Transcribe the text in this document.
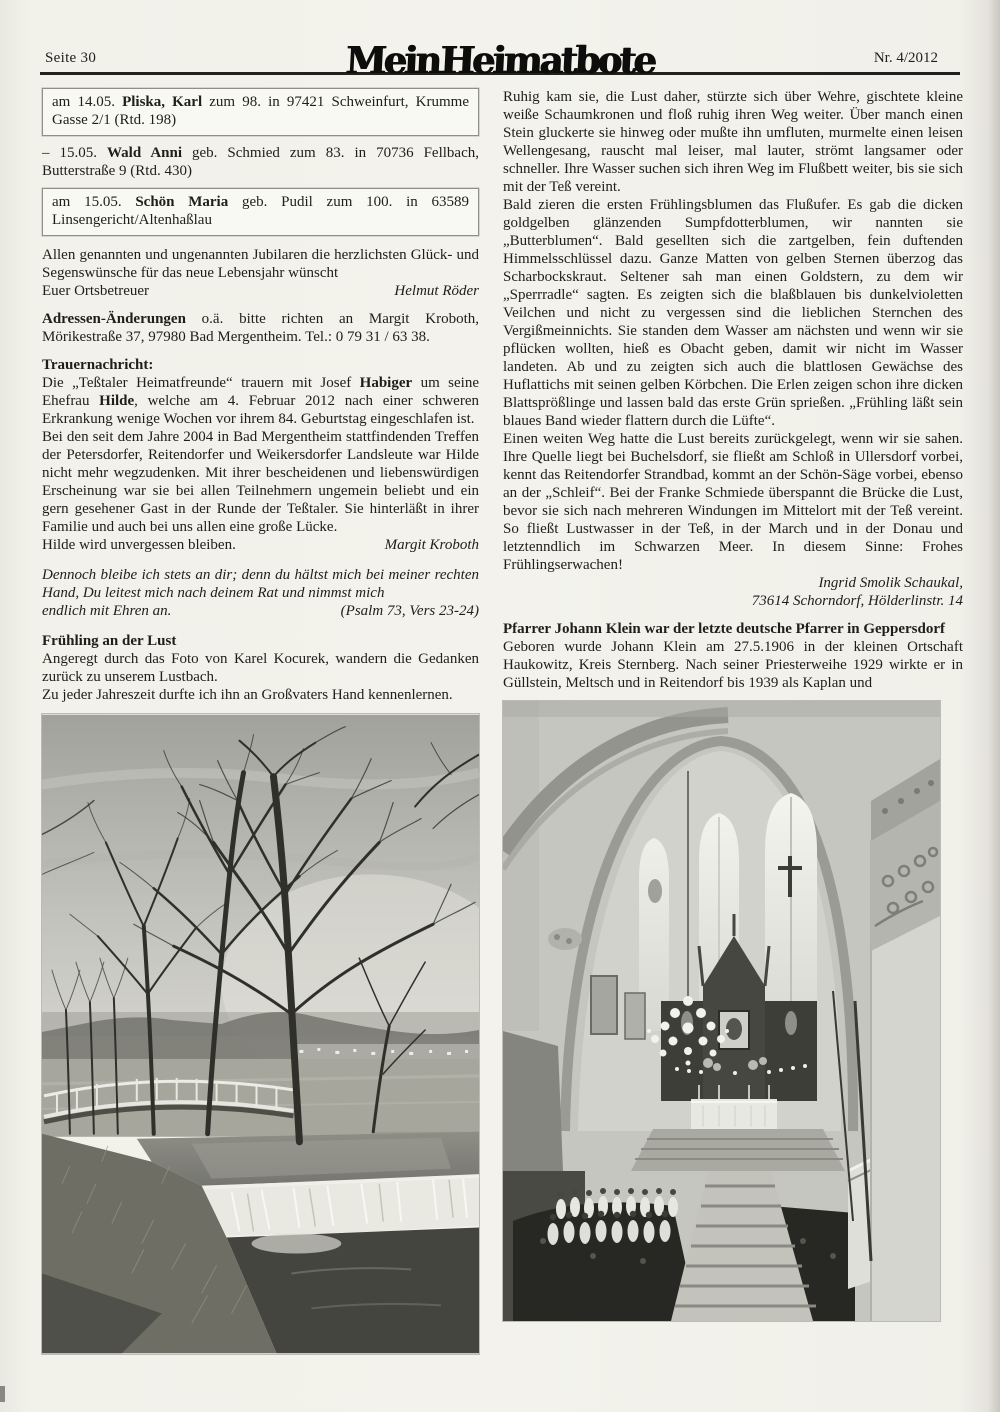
Seite 30	Mein Heimatbote	Nr. 4/2012

am 14.05. Pliska, Karl zum 98. in 97421 Schweinfurt, Krumme Gasse 2/1 (Rtd. 198)

– 15.05. Wald Anni geb. Schmied zum 83. in 70736 Fellbach, Butterstraße 9 (Rtd. 430)

am 15.05. Schön Maria geb. Pudil zum 100. in 63589 Linsengericht/Altenhaßlau

Allen genannten und ungenannten Jubilaren die herzlichsten Glück- und Segenswünsche für das neue Lebensjahr wünscht

Euer Ortsbetreuer	Helmut Röder

Adressen-Änderungen o.ä. bitte richten an Margit Kroboth, Mörikestraße 37, 97980 Bad Mergentheim. Tel.: 0 79 31 / 63 38.

Trauernachricht:

Die „Teßtaler Heimatfreunde“ trauern mit Josef Habiger um seine Ehefrau Hilde, welche am 4. Februar 2012 nach einer schweren Erkrankung wenige Wochen vor ihrem 84. Geburtstag eingeschlafen ist.

Bei den seit dem Jahre 2004 in Bad Mergentheim stattfindenden Treffen der Petersdorfer, Reitendorfer und Weikersdorfer Landsleute war Hilde nicht mehr wegzudenken. Mit ihrer bescheidenen und liebenswürdigen Erscheinung war sie bei allen Teilnehmern ungemein beliebt und ein gern gesehener Gast in der Runde der Teßtaler. Sie hinterläßt in ihrer Familie und auch bei uns allen eine große Lücke.

Hilde wird unvergessen bleiben.	Margit Kroboth

Dennoch bleibe ich stets an dir; denn du hältst mich bei meiner rechten Hand, Du leitest mich nach deinem Rat und nimmst mich

endlich mit Ehren an.	(Psalm 73, Vers 23-24)
Frühling an der Lust

Angeregt durch das Foto von Karel Kocurek, wandern die Gedanken zurück zu unserem Lustbach.

Zu jeder Jahreszeit durfte ich ihn an Großvaters Hand kennenlernen.

Ruhig kam sie, die Lust daher, stürzte sich über Wehre, gischtete kleine weiße Schaumkronen und floß ruhig ihren Weg weiter. Über manch einen Stein gluckerte sie hinweg oder mußte ihn umfluten, murmelte einen leisen Wellengesang, rauscht mal leiser, mal lauter, strömt langsamer oder schneller. Ihre Wasser suchen sich ihren Weg im Flußbett weiter, bis sie sich mit der Teß vereint.

Bald zieren die ersten Frühlingsblumen das Flußufer. Es gab die dicken goldgelben glänzenden Sumpfdotterblumen, wir nannten sie „Butterblumen“. Bald gesellten sich die zartgelben, fein duftenden Himmelsschlüssel dazu. Ganze Matten von gelben Sternen überzog das Scharbockskraut. Seltener sah man einen Goldstern, zu dem wir „Sperrradle“ sagten. Es zeigten sich die blaßblauen bis dunkelvioletten Veilchen und nicht zu vergessen sind die lieblichen Sternchen des Vergißmeinnichts. Sie standen dem Wasser am nächsten und wenn wir sie pflücken wollten, hieß es Obacht geben, damit wir nicht im Wasser landeten. Ab und zu zeigten sich auch die blattlosen Gewächse des Huflattichs mit seinen gelben Körbchen. Die Erlen zeigen schon ihre dicken Blattsprößlinge und lassen bald das erste Grün sprießen. „Frühling läßt sein blaues Band wieder flattern durch die Lüfte“.

Einen weiten Weg hatte die Lust bereits zurückgelegt, wenn wir sie sahen. Ihre Quelle liegt bei Buchelsdorf, sie fließt am Schloß in Ullersdorf vorbei, kennt das Reitendorfer Strandbad, kommt an der Schön-Säge vorbei, ebenso an der „Schleif“. Bei der Franke Schmiede überspannt die Brücke die Lust, bevor sie sich nach mehreren Windungen im Mittelort mit der Teß vereint. So fließt Lustwasser in der Teß, in der March und in der Donau und letztenndlich im Schwarzen Meer. In diesem Sinne: Frohes Frühlingserwachen!

Ingrid Smolik Schaukal,
73614 Schorndorf, Hölderlinstr. 14
Pfarrer Johann Klein war der letzte deutsche Pfarrer in Geppersdorf

Geboren wurde Johann Klein am 27.5.1906 in der kleinen Ortschaft Haukowitz, Kreis Sternberg. Nach seiner Priesterweihe 1929 wirkte er in Güllstein, Meltsch und in Reitendorf bis 1939 als Kaplan und
